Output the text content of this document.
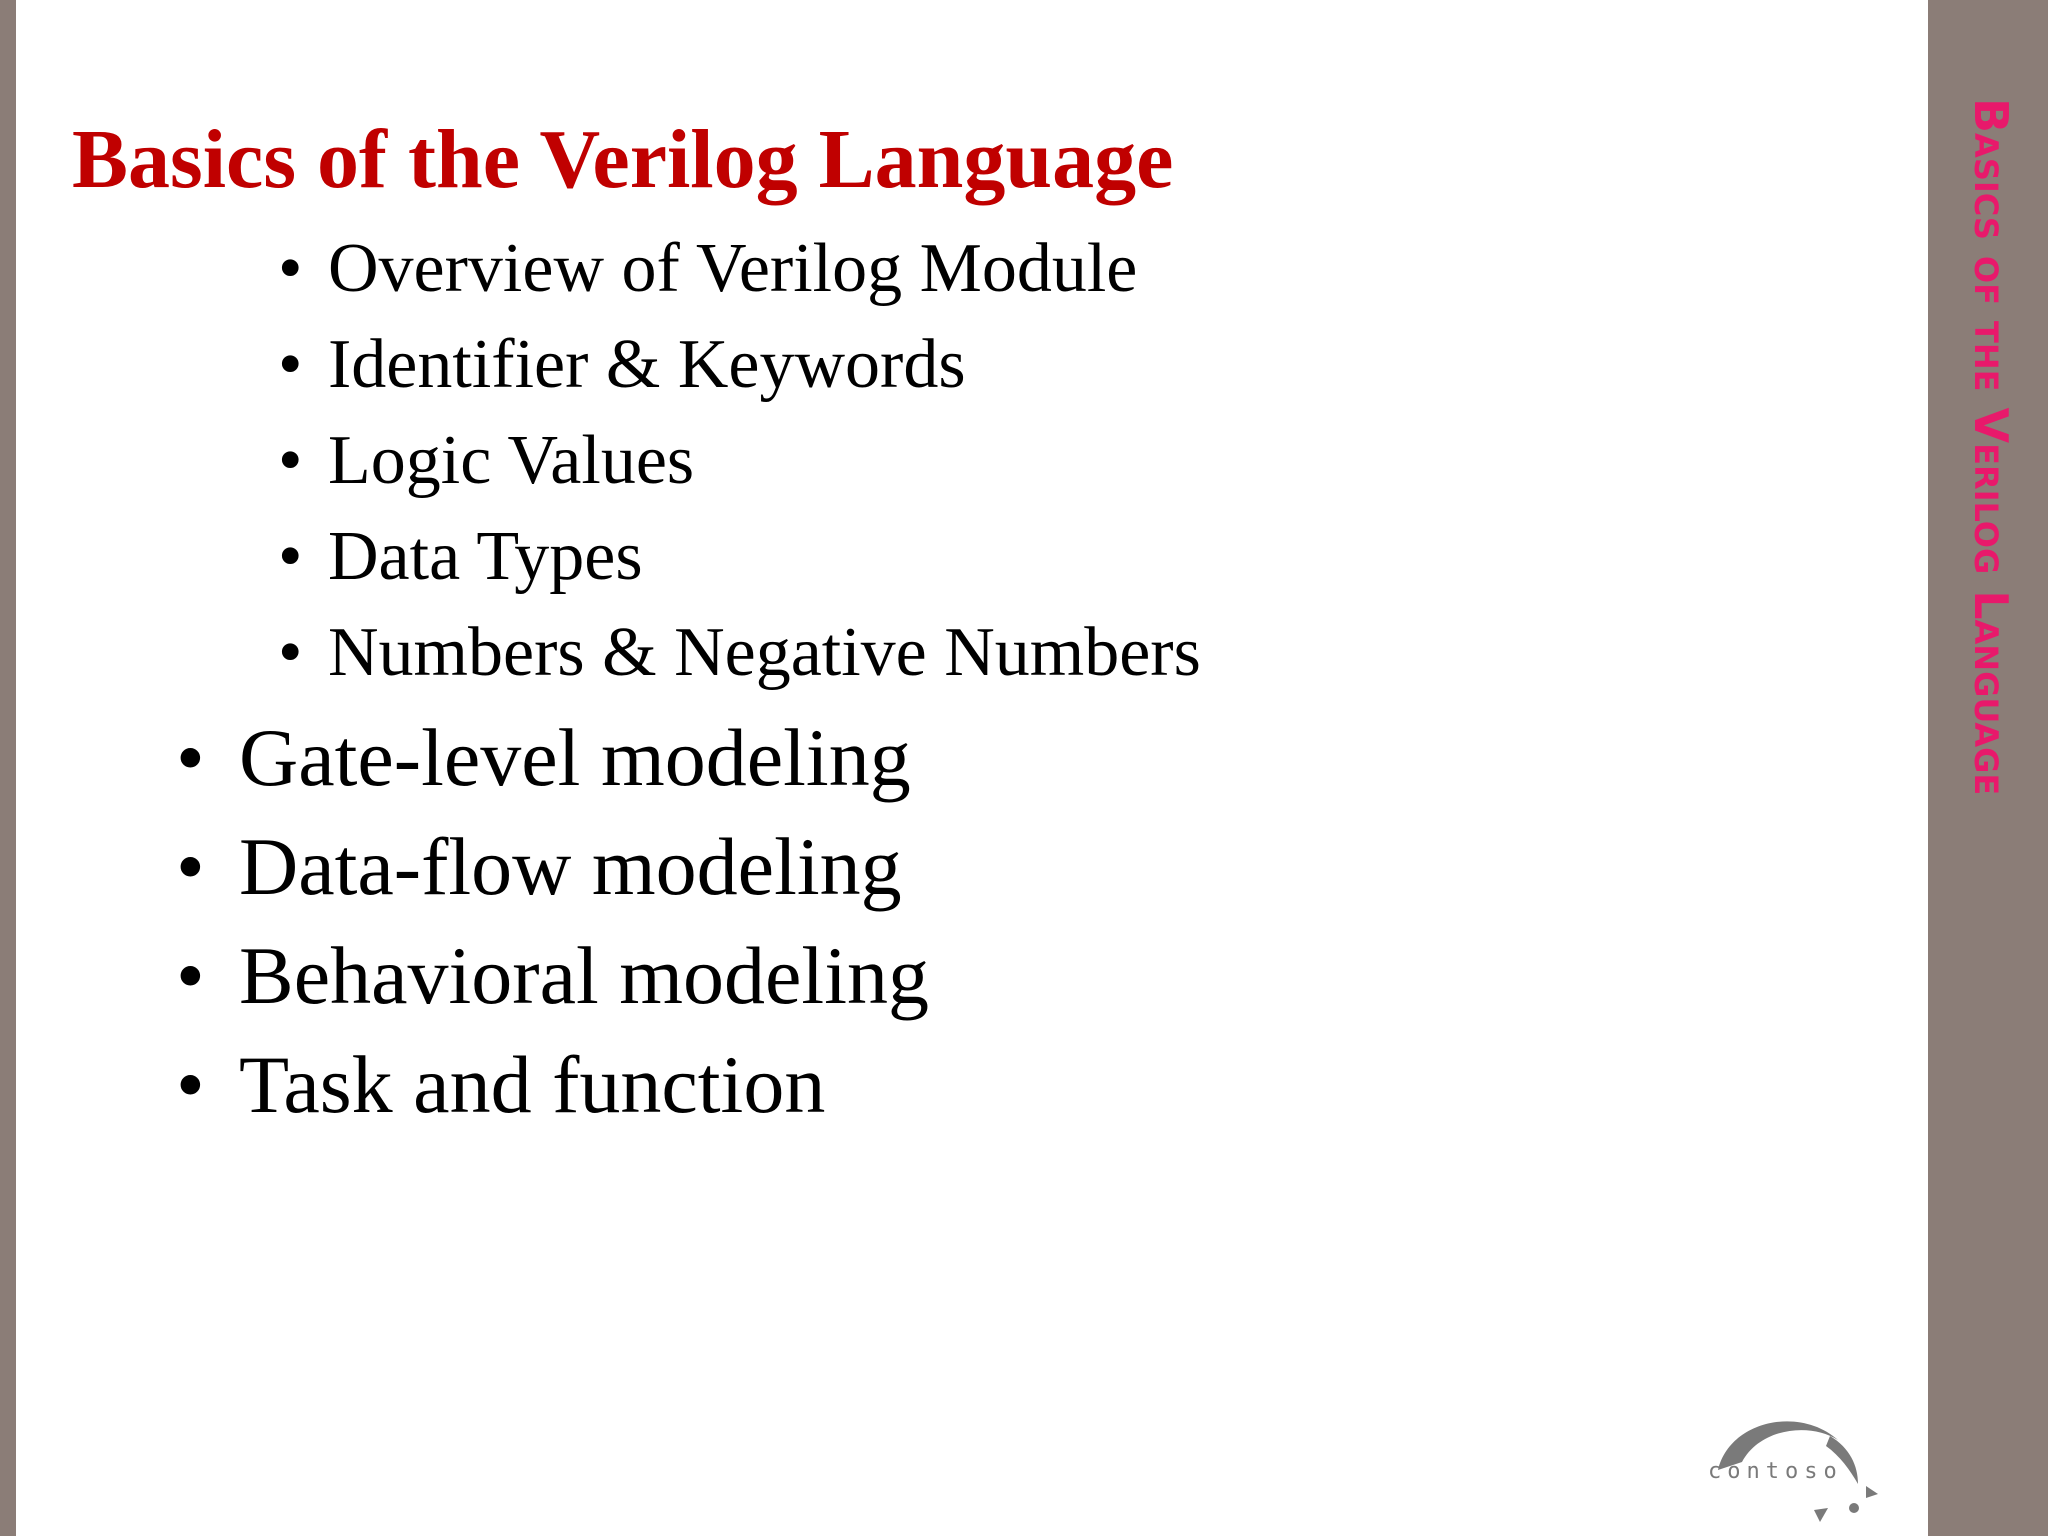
Basics of the Verilog Language
Basics of the Verilog Language
• Overview of Verilog Module
• Identifier & Keywords
• Logic Values
• Data Types
• Numbers & Negative Numbers
• Gate-level modeling
• Data-flow modeling
• Behavioral modeling
• Task and function
contoso
